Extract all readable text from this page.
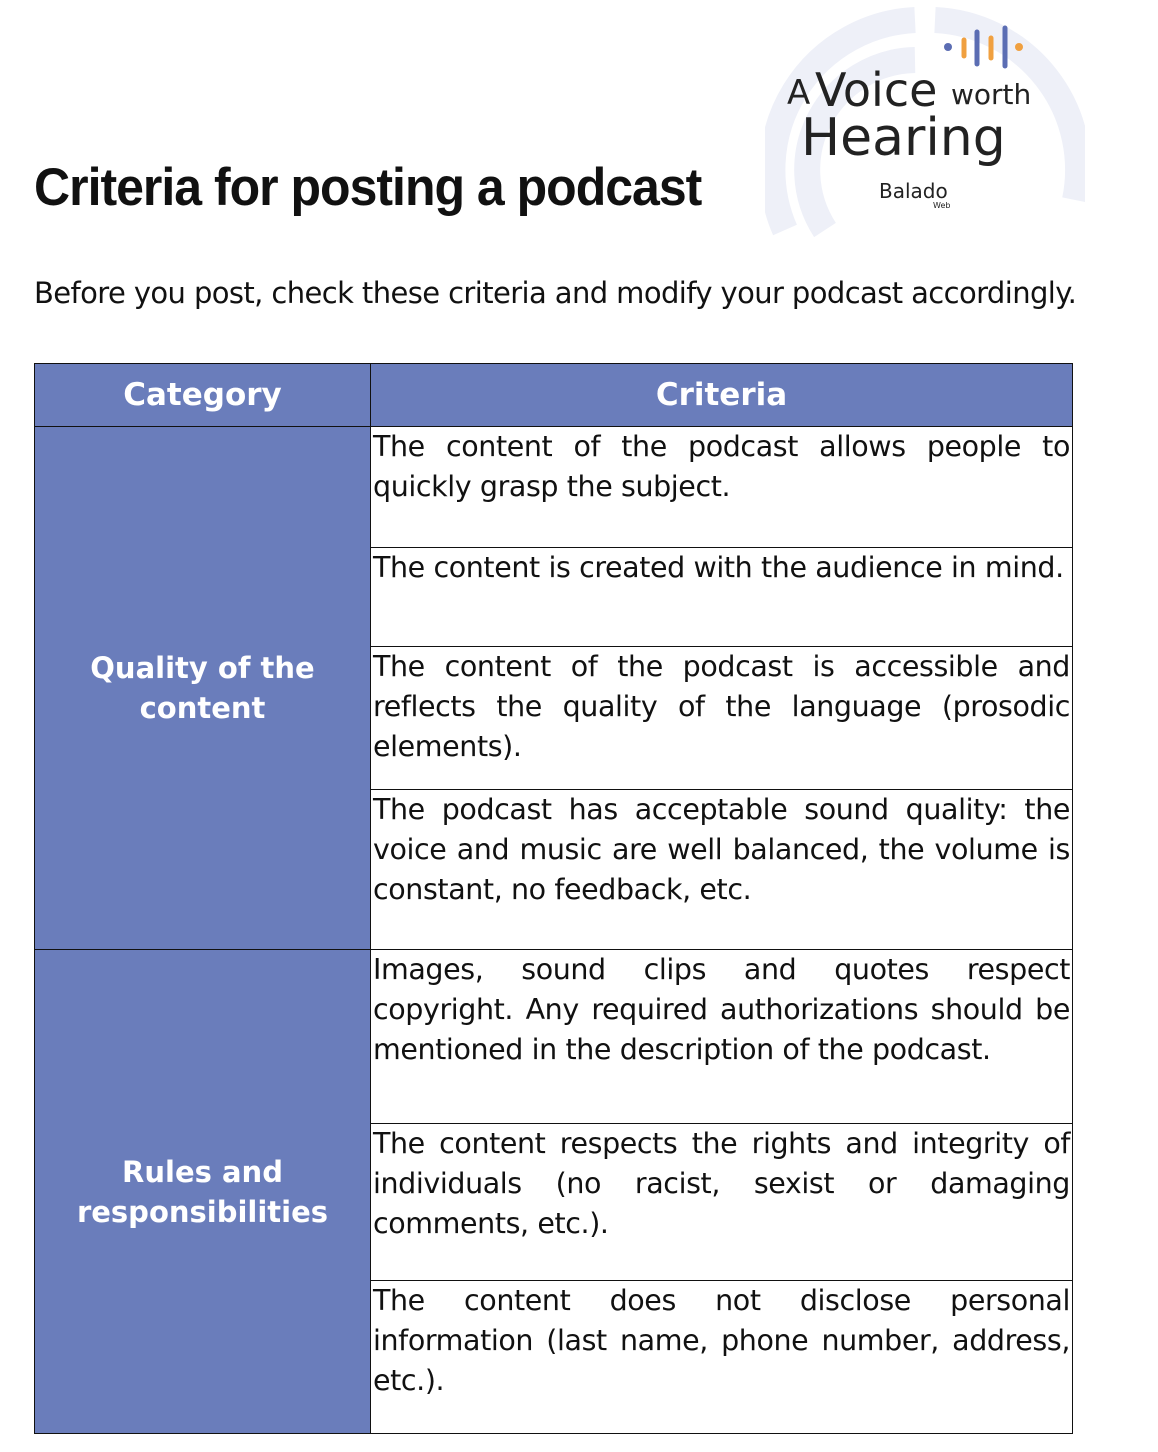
Criteria for posting a podcast
A Voice worth
Hearing
Balado
Web
Before you post, check these criteria and modify your podcast accordingly.
Category	Criteria
Quality of the content	The content of the podcast allows people to quickly grasp the subject.
	The content is created with the audience in mind.
	The content of the podcast is accessible and reflects the quality of the language (prosodic elements).
	The podcast has acceptable sound quality: the voice and music are well balanced, the volume is constant, no feedback, etc.
Rules and responsibilities	Images, sound clips and quotes respect copyright. Any required authorizations should be mentioned in the description of the podcast.
	The content respects the rights and integrity of individuals (no racist, sexist or damaging comments, etc.).
	The content does not disclose personal information (last name, phone number, address, etc.).
